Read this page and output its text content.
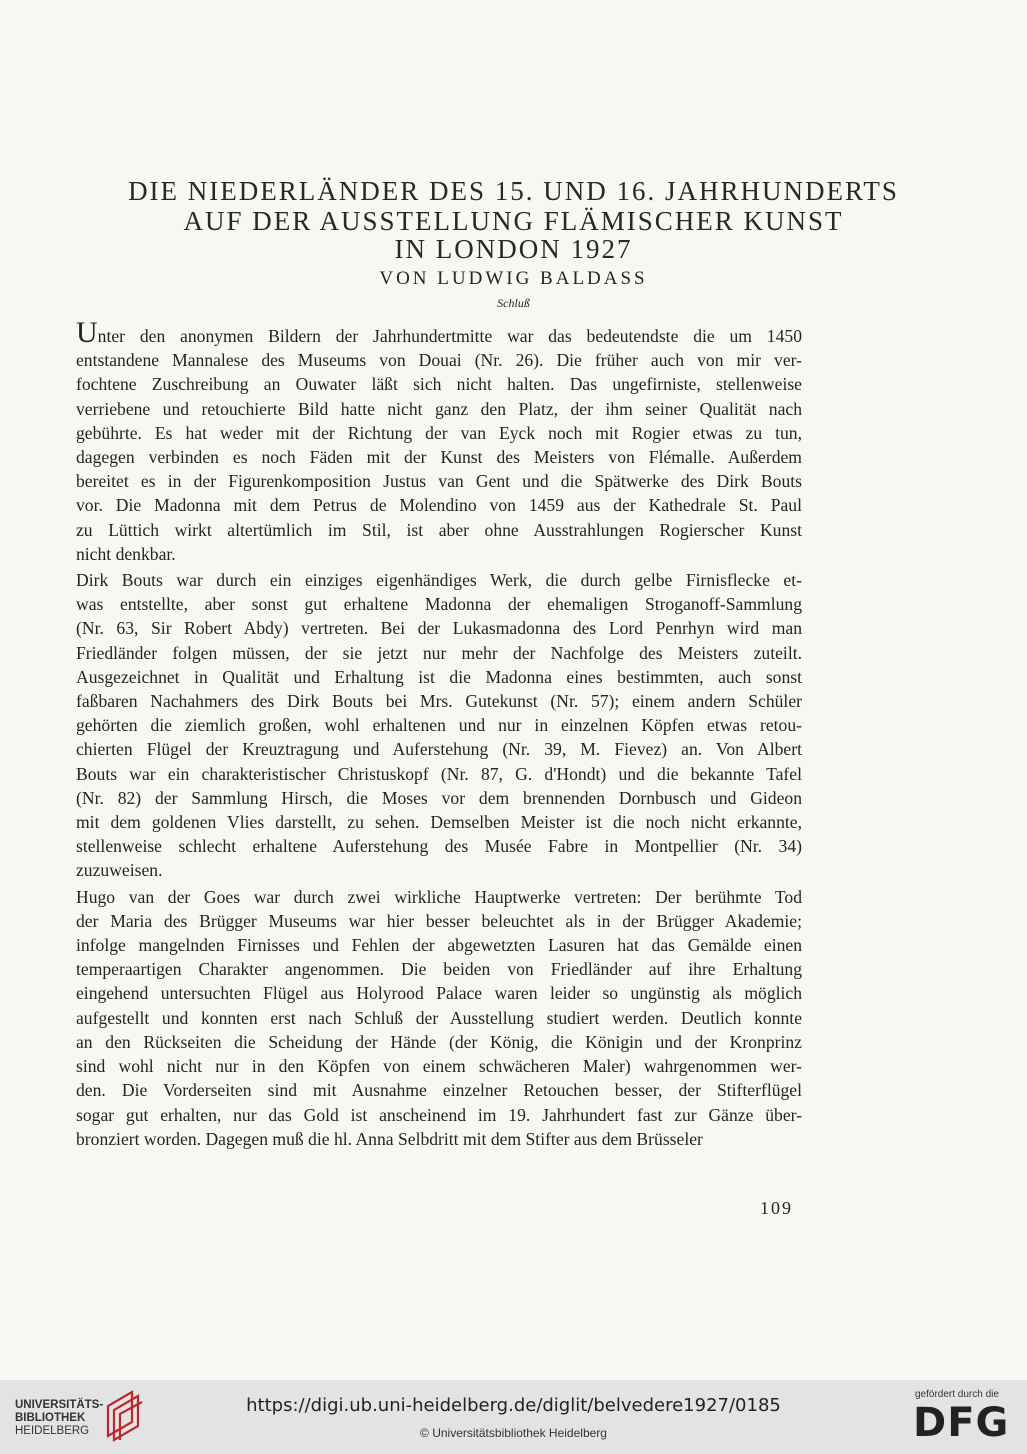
DIE NIEDERLÄNDER DES 15. UND 16. JAHRHUNDERTS
AUF DER AUSSTELLUNG FLÄMISCHER KUNST
IN LONDON 1927
VON LUDWIG BALDASS
Schluß
Unter den anonymen Bildern der Jahrhundertmitte war das bedeutendste die um 1450
entstandene Mannalese des Museums von Douai (Nr. 26). Die früher auch von mir ver-
fochtene Zuschreibung an Ouwater läßt sich nicht halten. Das ungefirniste, stellenweise
verriebene und retouchierte Bild hatte nicht ganz den Platz, der ihm seiner Qualität nach
gebührte. Es hat weder mit der Richtung der van Eyck noch mit Rogier etwas zu tun,
dagegen verbinden es noch Fäden mit der Kunst des Meisters von Flémalle. Außerdem
bereitet es in der Figurenkomposition Justus van Gent und die Spätwerke des Dirk Bouts
vor. Die Madonna mit dem Petrus de Molendino von 1459 aus der Kathedrale St. Paul
zu Lüttich wirkt altertümlich im Stil, ist aber ohne Ausstrahlungen Rogierscher Kunst
nicht denkbar.
Dirk Bouts war durch ein einziges eigenhändiges Werk, die durch gelbe Firnisflecke et-
was entstellte, aber sonst gut erhaltene Madonna der ehemaligen Stroganoff-Sammlung
(Nr. 63, Sir Robert Abdy) vertreten. Bei der Lukasmadonna des Lord Penrhyn wird man
Friedländer folgen müssen, der sie jetzt nur mehr der Nachfolge des Meisters zuteilt.
Ausgezeichnet in Qualität und Erhaltung ist die Madonna eines bestimmten, auch sonst
faßbaren Nachahmers des Dirk Bouts bei Mrs. Gutekunst (Nr. 57); einem andern Schüler
gehörten die ziemlich großen, wohl erhaltenen und nur in einzelnen Köpfen etwas retou-
chierten Flügel der Kreuztragung und Auferstehung (Nr. 39, M. Fievez) an. Von Albert
Bouts war ein charakteristischer Christuskopf (Nr. 87, G. d'Hondt) und die bekannte Tafel
(Nr. 82) der Sammlung Hirsch, die Moses vor dem brennenden Dornbusch und Gideon
mit dem goldenen Vlies darstellt, zu sehen. Demselben Meister ist die noch nicht erkannte,
stellenweise schlecht erhaltene Auferstehung des Musée Fabre in Montpellier (Nr. 34)
zuzuweisen.
Hugo van der Goes war durch zwei wirkliche Hauptwerke vertreten: Der berühmte Tod
der Maria des Brügger Museums war hier besser beleuchtet als in der Brügger Akademie;
infolge mangelnden Firnisses und Fehlen der abgewetzten Lasuren hat das Gemälde einen
temperaartigen Charakter angenommen. Die beiden von Friedländer auf ihre Erhaltung
eingehend untersuchten Flügel aus Holyrood Palace waren leider so ungünstig als möglich
aufgestellt und konnten erst nach Schluß der Ausstellung studiert werden. Deutlich konnte
an den Rückseiten die Scheidung der Hände (der König, die Königin und der Kronprinz
sind wohl nicht nur in den Köpfen von einem schwächeren Maler) wahrgenommen wer-
den. Die Vorderseiten sind mit Ausnahme einzelner Retouchen besser, der Stifterflügel
sogar gut erhalten, nur das Gold ist anscheinend im 19. Jahrhundert fast zur Gänze über-
bronziert worden. Dagegen muß die hl. Anna Selbdritt mit dem Stifter aus dem Brüsseler
109
UNIVERSITÄTS-
BIBLIOTHEK
HEIDELBERG
https://digi.ub.uni-heidelberg.de/diglit/belvedere1927/0185
© Universitätsbibliothek Heidelberg
gefördert durch die
DFG
